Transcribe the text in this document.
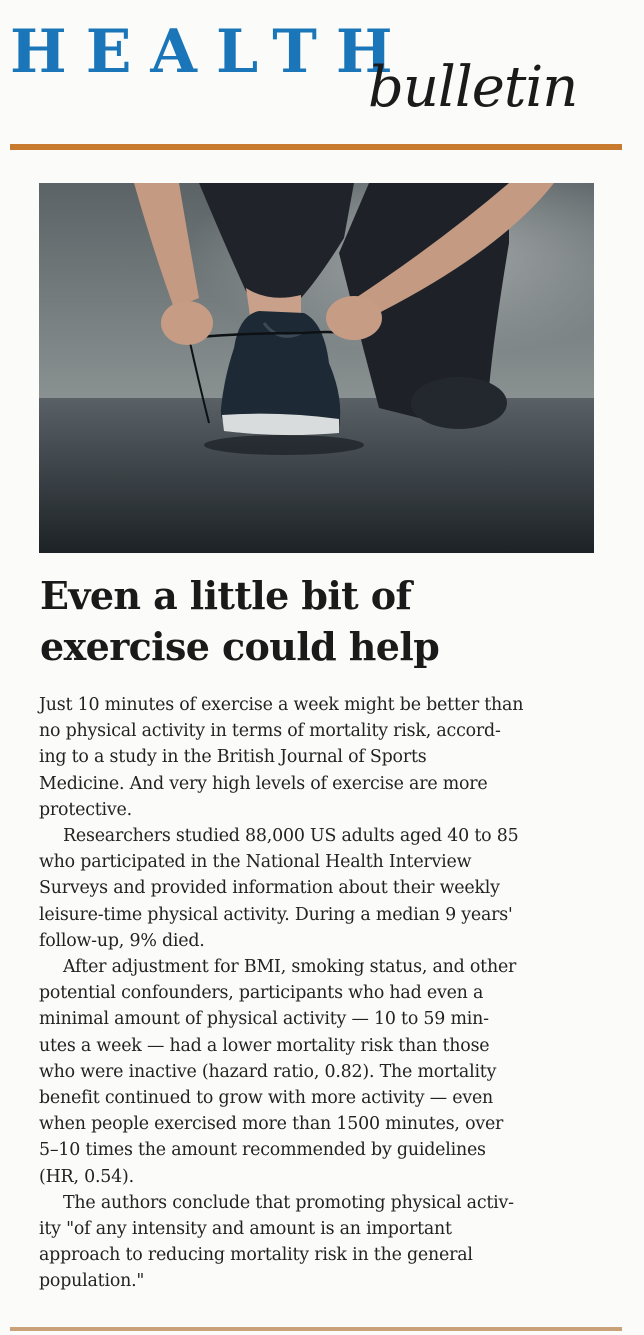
HEALTH
bulletin
Even a little bit of
exercise could help

Just 10 minutes of exercise a week might be better than
no physical activity in terms of mortality risk, accord-
ing to a study in the British Journal of Sports
Medicine. And very high levels of exercise are more
protective.

Researchers studied 88,000 US adults aged 40 to 85
who participated in the National Health Interview
Surveys and provided information about their weekly
leisure-time physical activity. During a median 9 years'
follow-up, 9% died.

After adjustment for BMI, smoking status, and other
potential confounders, participants who had even a
minimal amount of physical activity — 10 to 59 min-
utes a week — had a lower mortality risk than those
who were inactive (hazard ratio, 0.82). The mortality
benefit continued to grow with more activity — even
when people exercised more than 1500 minutes, over
5–10 times the amount recommended by guidelines
(HR, 0.54).

The authors conclude that promoting physical activ-
ity "of any intensity and amount is an important
approach to reducing mortality risk in the general
population."
